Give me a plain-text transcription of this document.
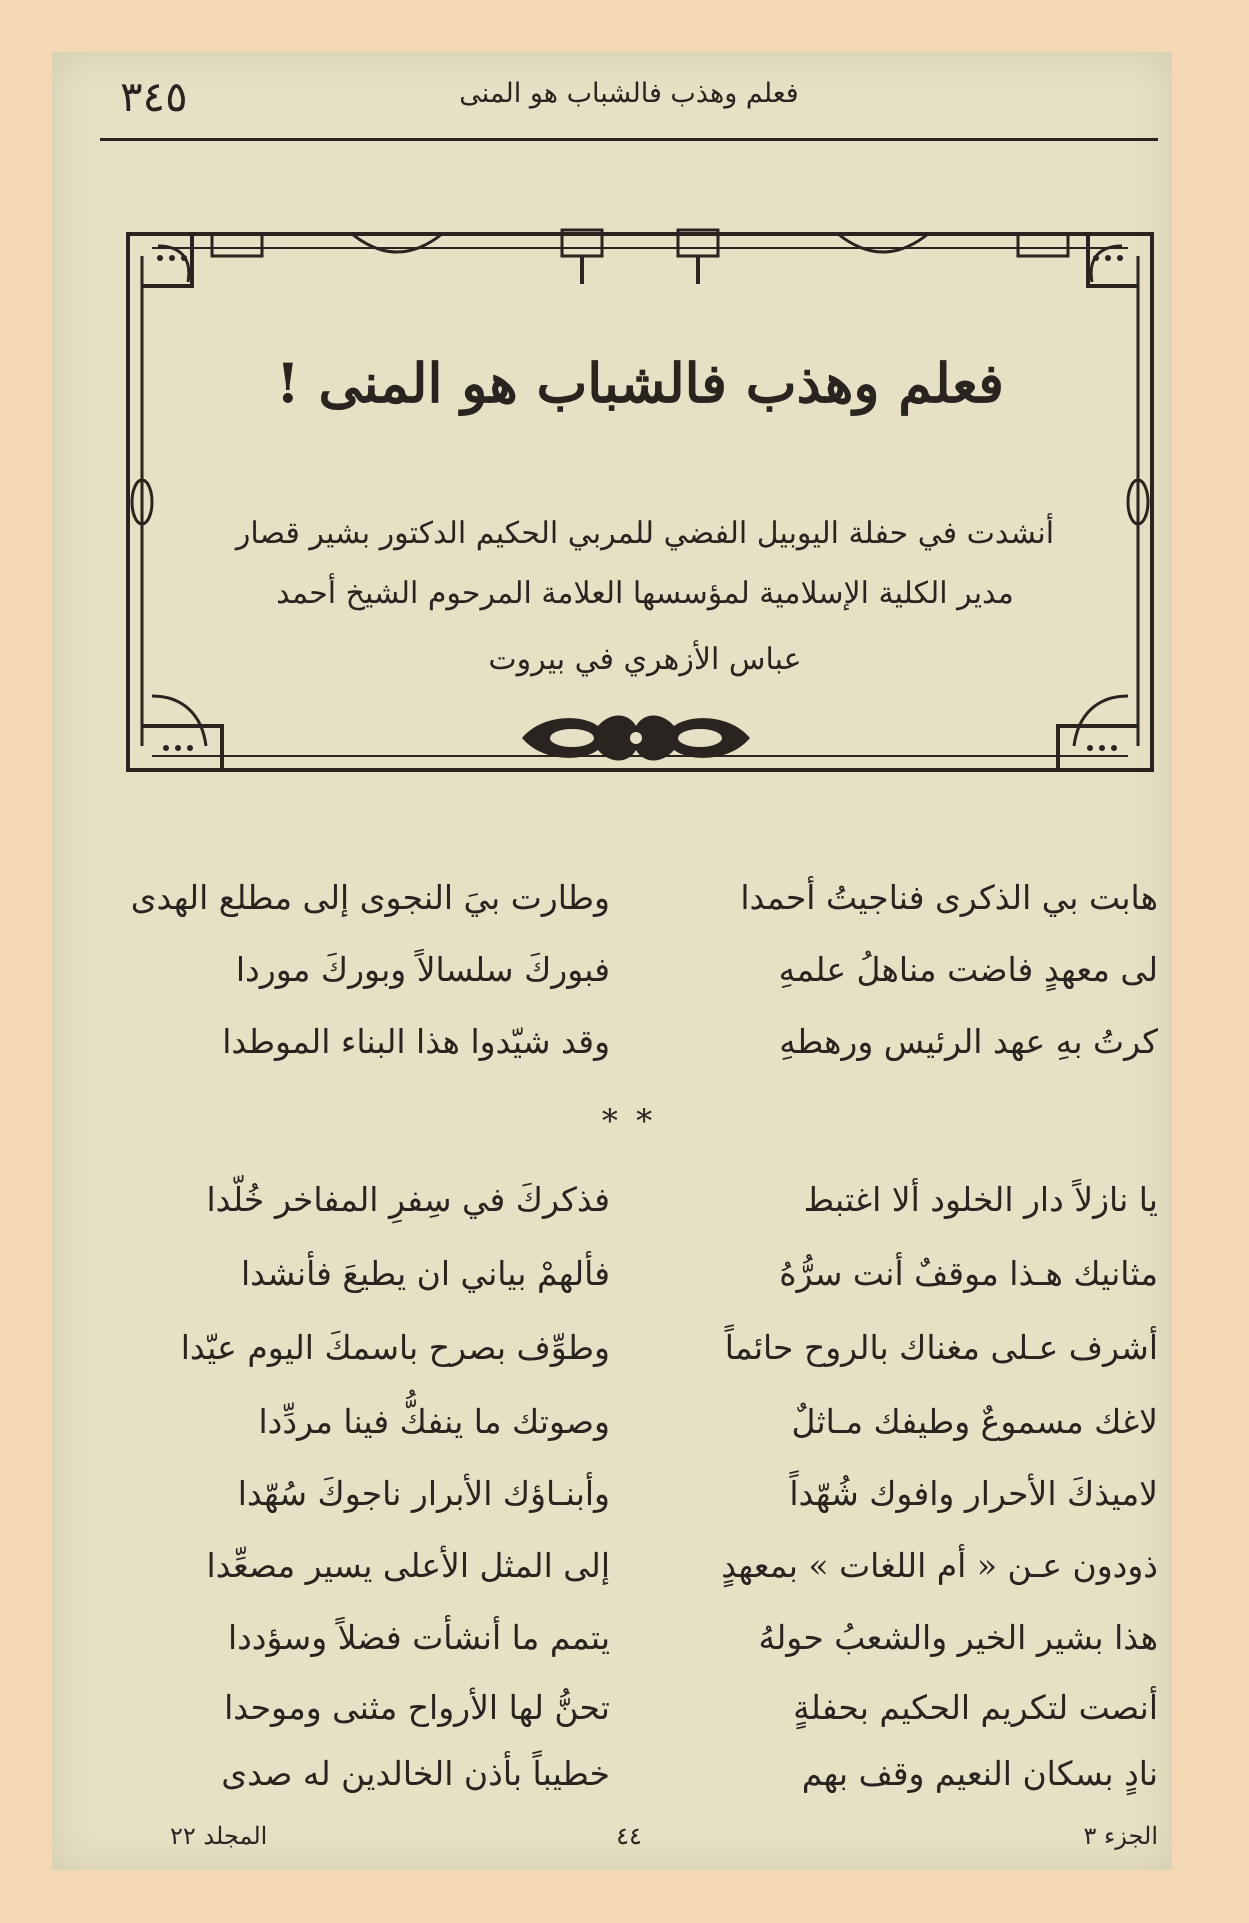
٣٤٥	فعلم وهذب فالشباب هو المنى
فعلم وهذب فالشباب هو المنى !
أنشدت في حفلة اليوبيل الفضي للمربي الحكيم الدكتور بشير قصار
مدير الكلية الإسلامية لمؤسسها العلامة المرحوم الشيخ أحمد
عباس الأزهري في بيروت
هابت بي الذكرى فناجيتُ أحمدا
وطارت بيَ النجوى إلى مطلع الهدى
لى معهدٍ فاضت مناهلُ علمهِ
فبوركَ سلسالاً وبوركَ موردا
كرتُ بهِ عهد الرئيس ورهطهِ
وقد شيّدوا هذا البناء الموطدا
* *
يا نازلاً دار الخلود ألا اغتبط
فذكركَ في سِفرِ المفاخر خُلّدا
مثانيك هـذا موقفٌ أنت سرُّهُ
فألهمْ بياني ان يطيعَ فأنشدا
أشرف عـلى مغناك بالروح حائماً
وطوِّف بصرح باسمكَ اليوم عيّدا
لاغك مسموعٌ وطيفك مـاثلٌ
وصوتك ما ينفكُّ فينا مردِّدا
لاميذكَ الأحرار وافوك شُهّداً
وأبنـاؤك الأبرار ناجوكَ سُهّدا
ذودون عـن « أم اللغات » بمعهدٍ
إلى المثل الأعلى يسير مصعِّدا
هذا بشير الخير والشعبُ حولهُ
يتمم ما أنشأت فضلاً وسؤددا
أنصت لتكريم الحكيم بحفلةٍ
تحنُّ لها الأرواح مثنى وموحدا
نادٍ بسكان النعيم وقف بهم
خطيباً بأذن الخالدين له صدى
الجزء ٣
٤٤
المجلد ٢٢
